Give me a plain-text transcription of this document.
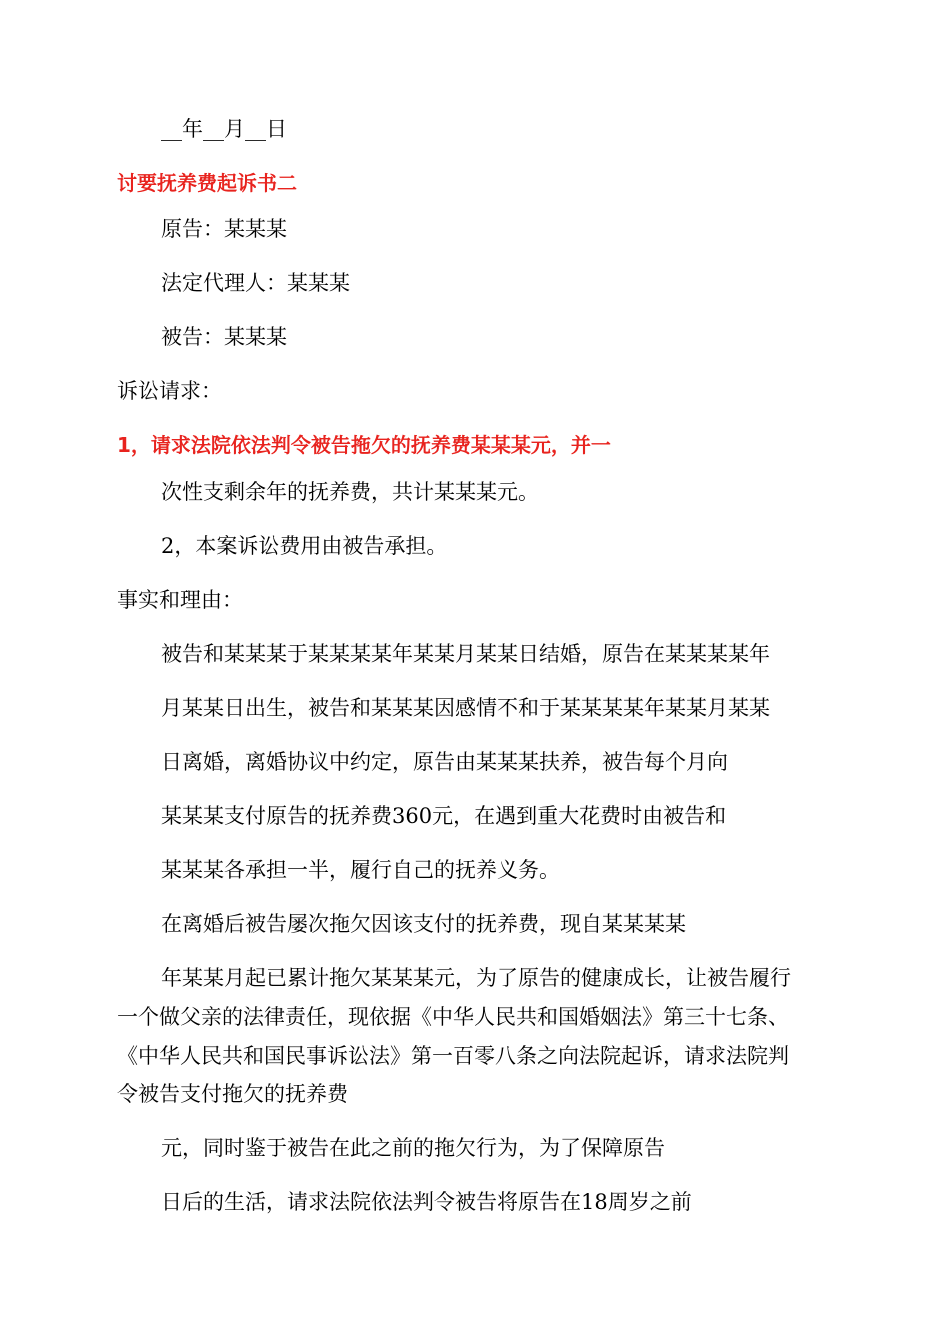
__年__月__日

讨要抚养费起诉书二

原告：某某某

法定代理人：某某某

被告：某某某

诉讼请求：

1，请求法院依法判令被告拖欠的抚养费某某某元，并一

次性支剩余年的抚养费，共计某某某元。

2，本案诉讼费用由被告承担。

事实和理由：

被告和某某某于某某某某年某某月某某日结婚，原告在某某某某年

月某某日出生，被告和某某某因感情不和于某某某某年某某月某某

日离婚，离婚协议中约定，原告由某某某扶养，被告每个月向

某某某支付原告的抚养费360元，在遇到重大花费时由被告和

某某某各承担一半，履行自己的抚养义务。

在离婚后被告屡次拖欠因该支付的抚养费，现自某某某某

年某某月起已累计拖欠某某某元，为了原告的健康成长，让被告履行

一个做父亲的法律责任，现依据《中华人民共和国婚姻法》第三十七条、

《中华人民共和国民事诉讼法》第一百零八条之向法院起诉，请求法院判

令被告支付拖欠的抚养费

元，同时鉴于被告在此之前的拖欠行为，为了保障原告

日后的生活，请求法院依法判令被告将原告在18周岁之前
